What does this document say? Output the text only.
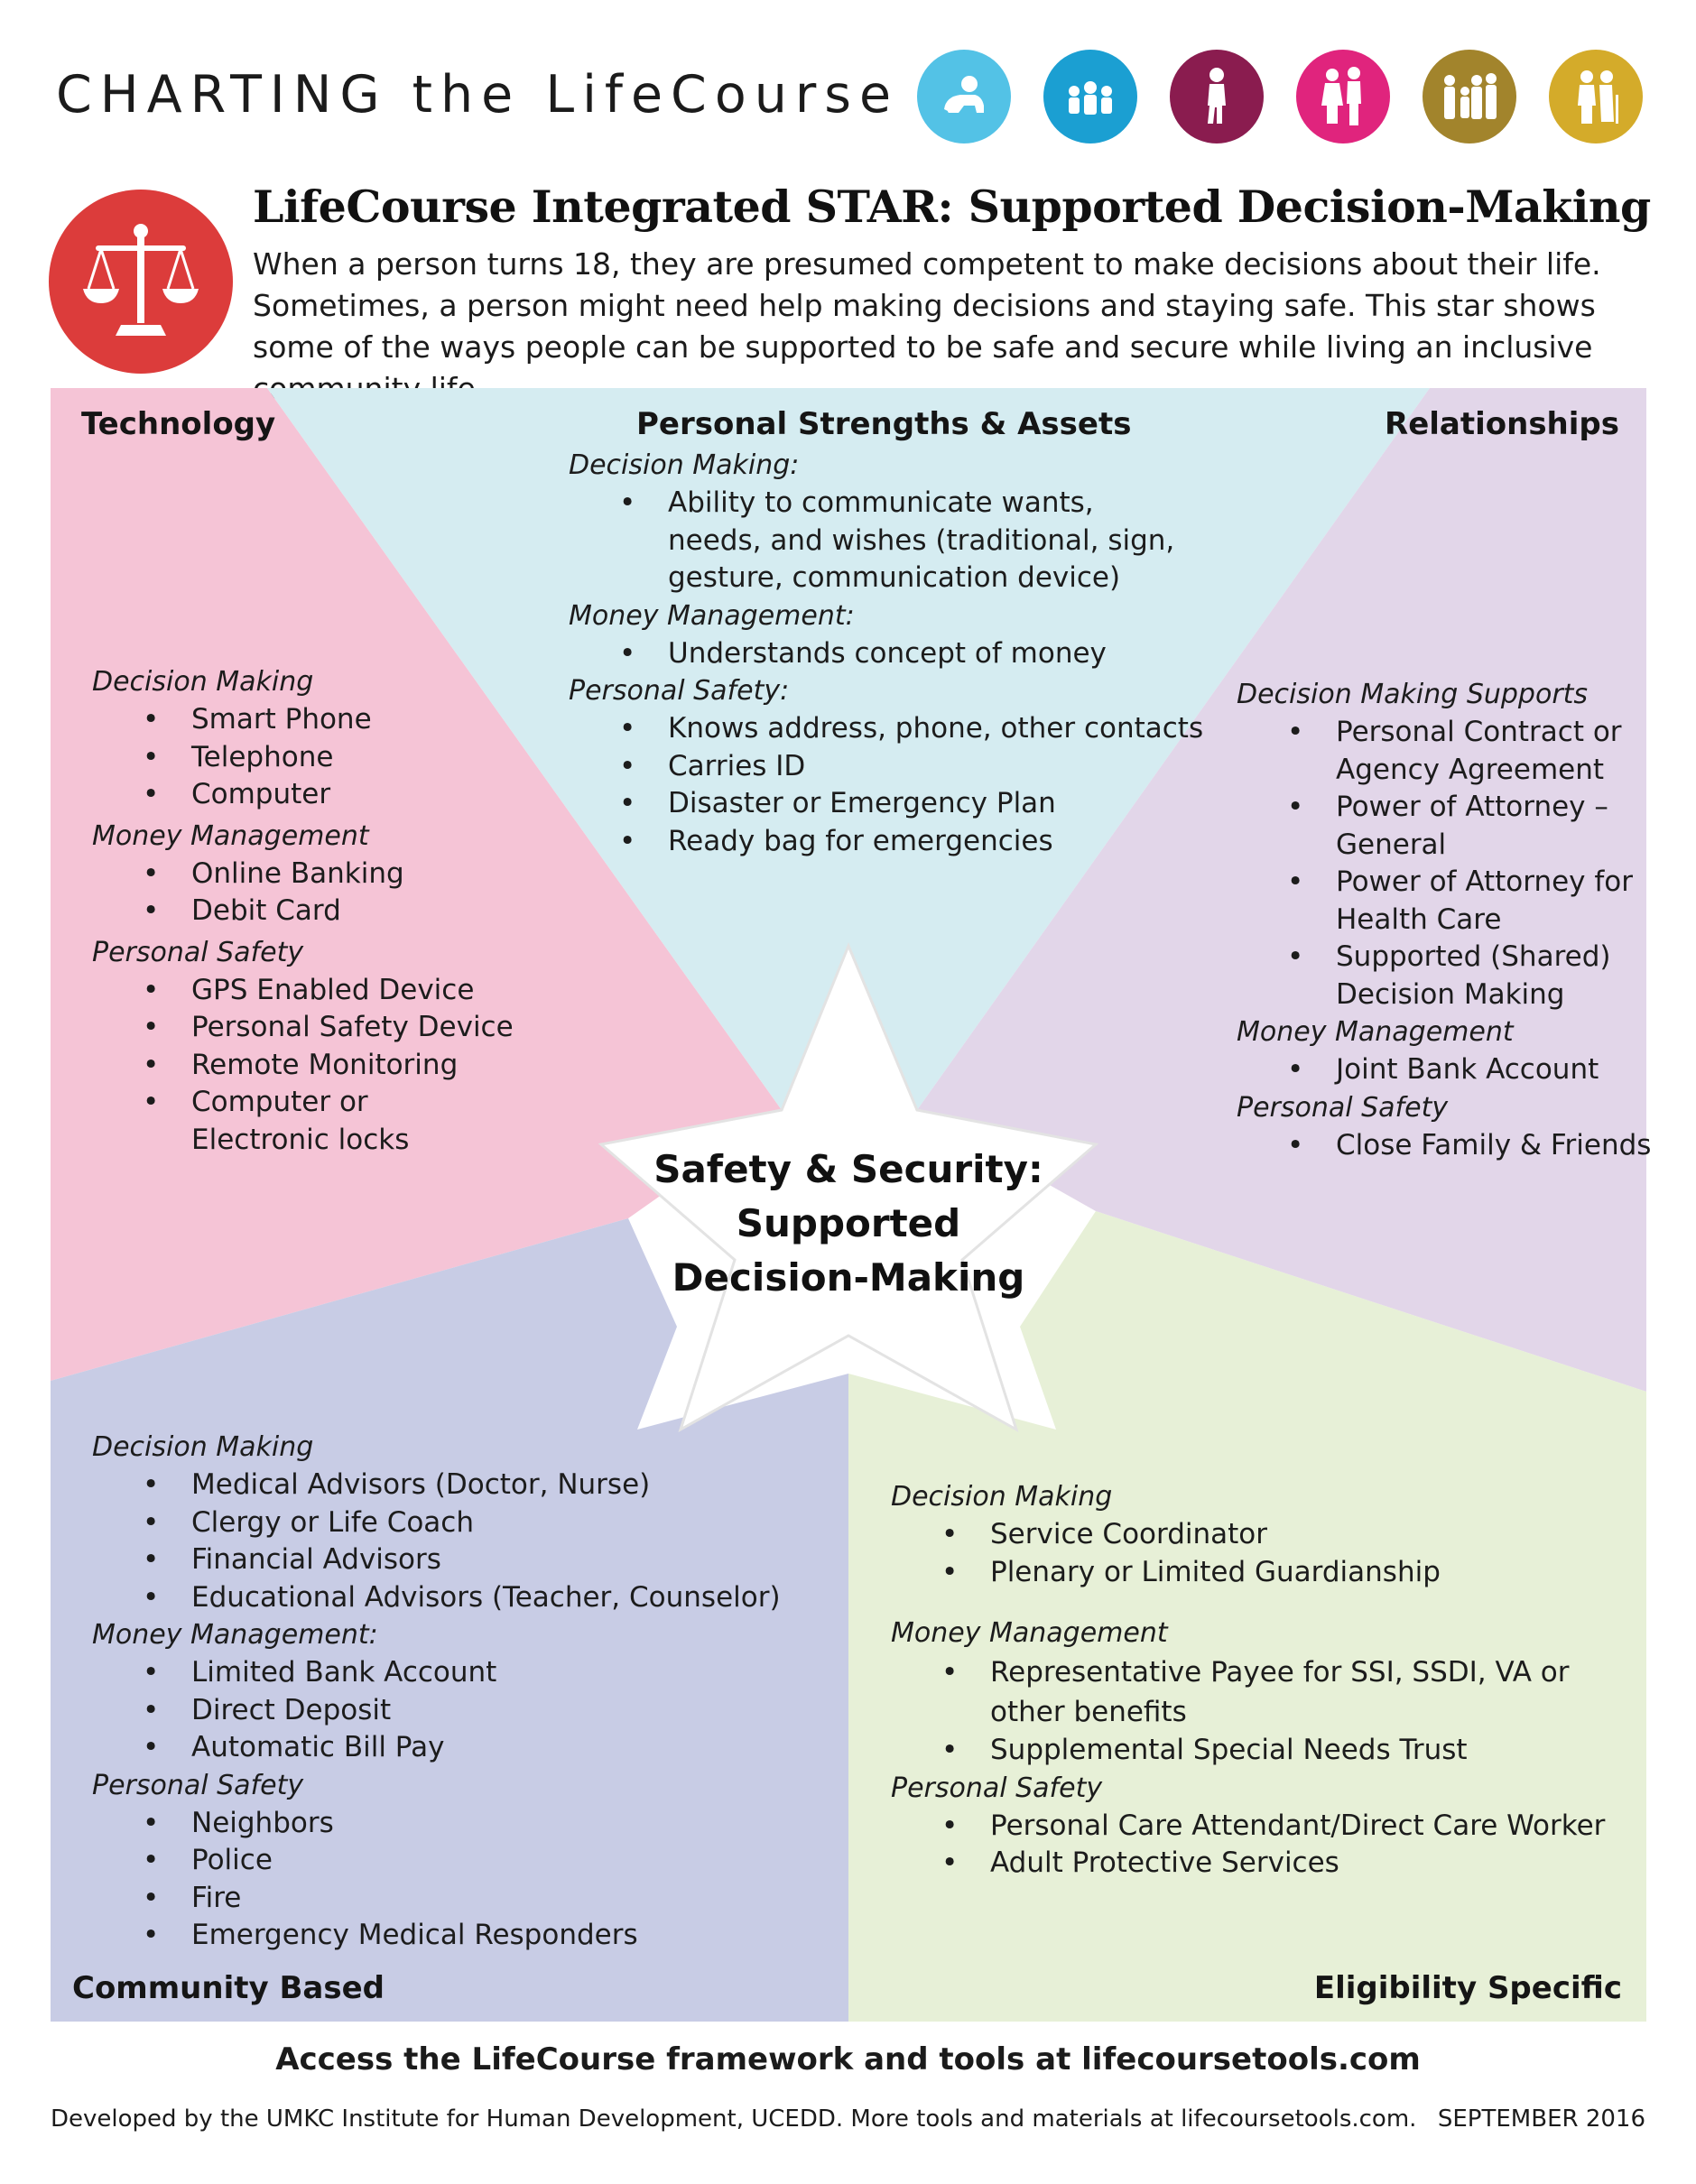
CHARTING the LifeCourse
LifeCourse Integrated STAR: Supported Decision-Making
When a person turns 18, they are presumed competent to make decisions about their life. Sometimes, a person might need help making decisions and staying safe. This star shows some of the ways people can be supported to be safe and secure while living an inclusive
Technology	Personal Strengths & Assets	Relationships
Community Based	Eligibility Specific

Decision Making

• Smart Phone
• Telephone
• Computer

Money Management

• Online Banking
• Debit Card

Personal Safety

• GPS Enabled Device
• Personal Safety Device
• Remote Monitoring
• Computer or Electronic locks

Decision Making:

• Ability to communicate wants, needs, and wishes (traditional, sign, gesture, communication device)

Money Management:

• Understands concept of money

Personal Safety:

• Knows address, phone, other contacts
• Carries ID
• Disaster or Emergency Plan
• Ready bag for emergencies

Decision Making Supports

• Personal Contract or Agency Agreement
• Power of Attorney – General
• Power of Attorney for Health Care
• Supported (Shared) Decision Making

Money Management

• Joint Bank Account

Personal Safety

• Close Family & Friends
Safety & Security:
Supported
Decision-Making

Decision Making

• Medical Advisors (Doctor, Nurse)
• Clergy or Life Coach
• Financial Advisors
• Educational Advisors (Teacher, Counselor)

Money Management:

• Limited Bank Account
• Direct Deposit
• Automatic Bill Pay

Personal Safety

• Neighbors
• Police
• Fire
• Emergency Medical Responders

Decision Making

• Service Coordinator
• Plenary or Limited Guardianship

Money Management

• Representative Payee for SSI, SSDI, VA or other benefits
• Supplemental Special Needs Trust

Personal Safety

• Personal Care Attendant/Direct Care Worker
• Adult Protective Services
Access the LifeCourse framework and tools at lifecoursetools.com
Developed by the UMKC Institute for Human Development, UCEDD. More tools and materials at lifecoursetools.com. SEPTEMBER 2016
